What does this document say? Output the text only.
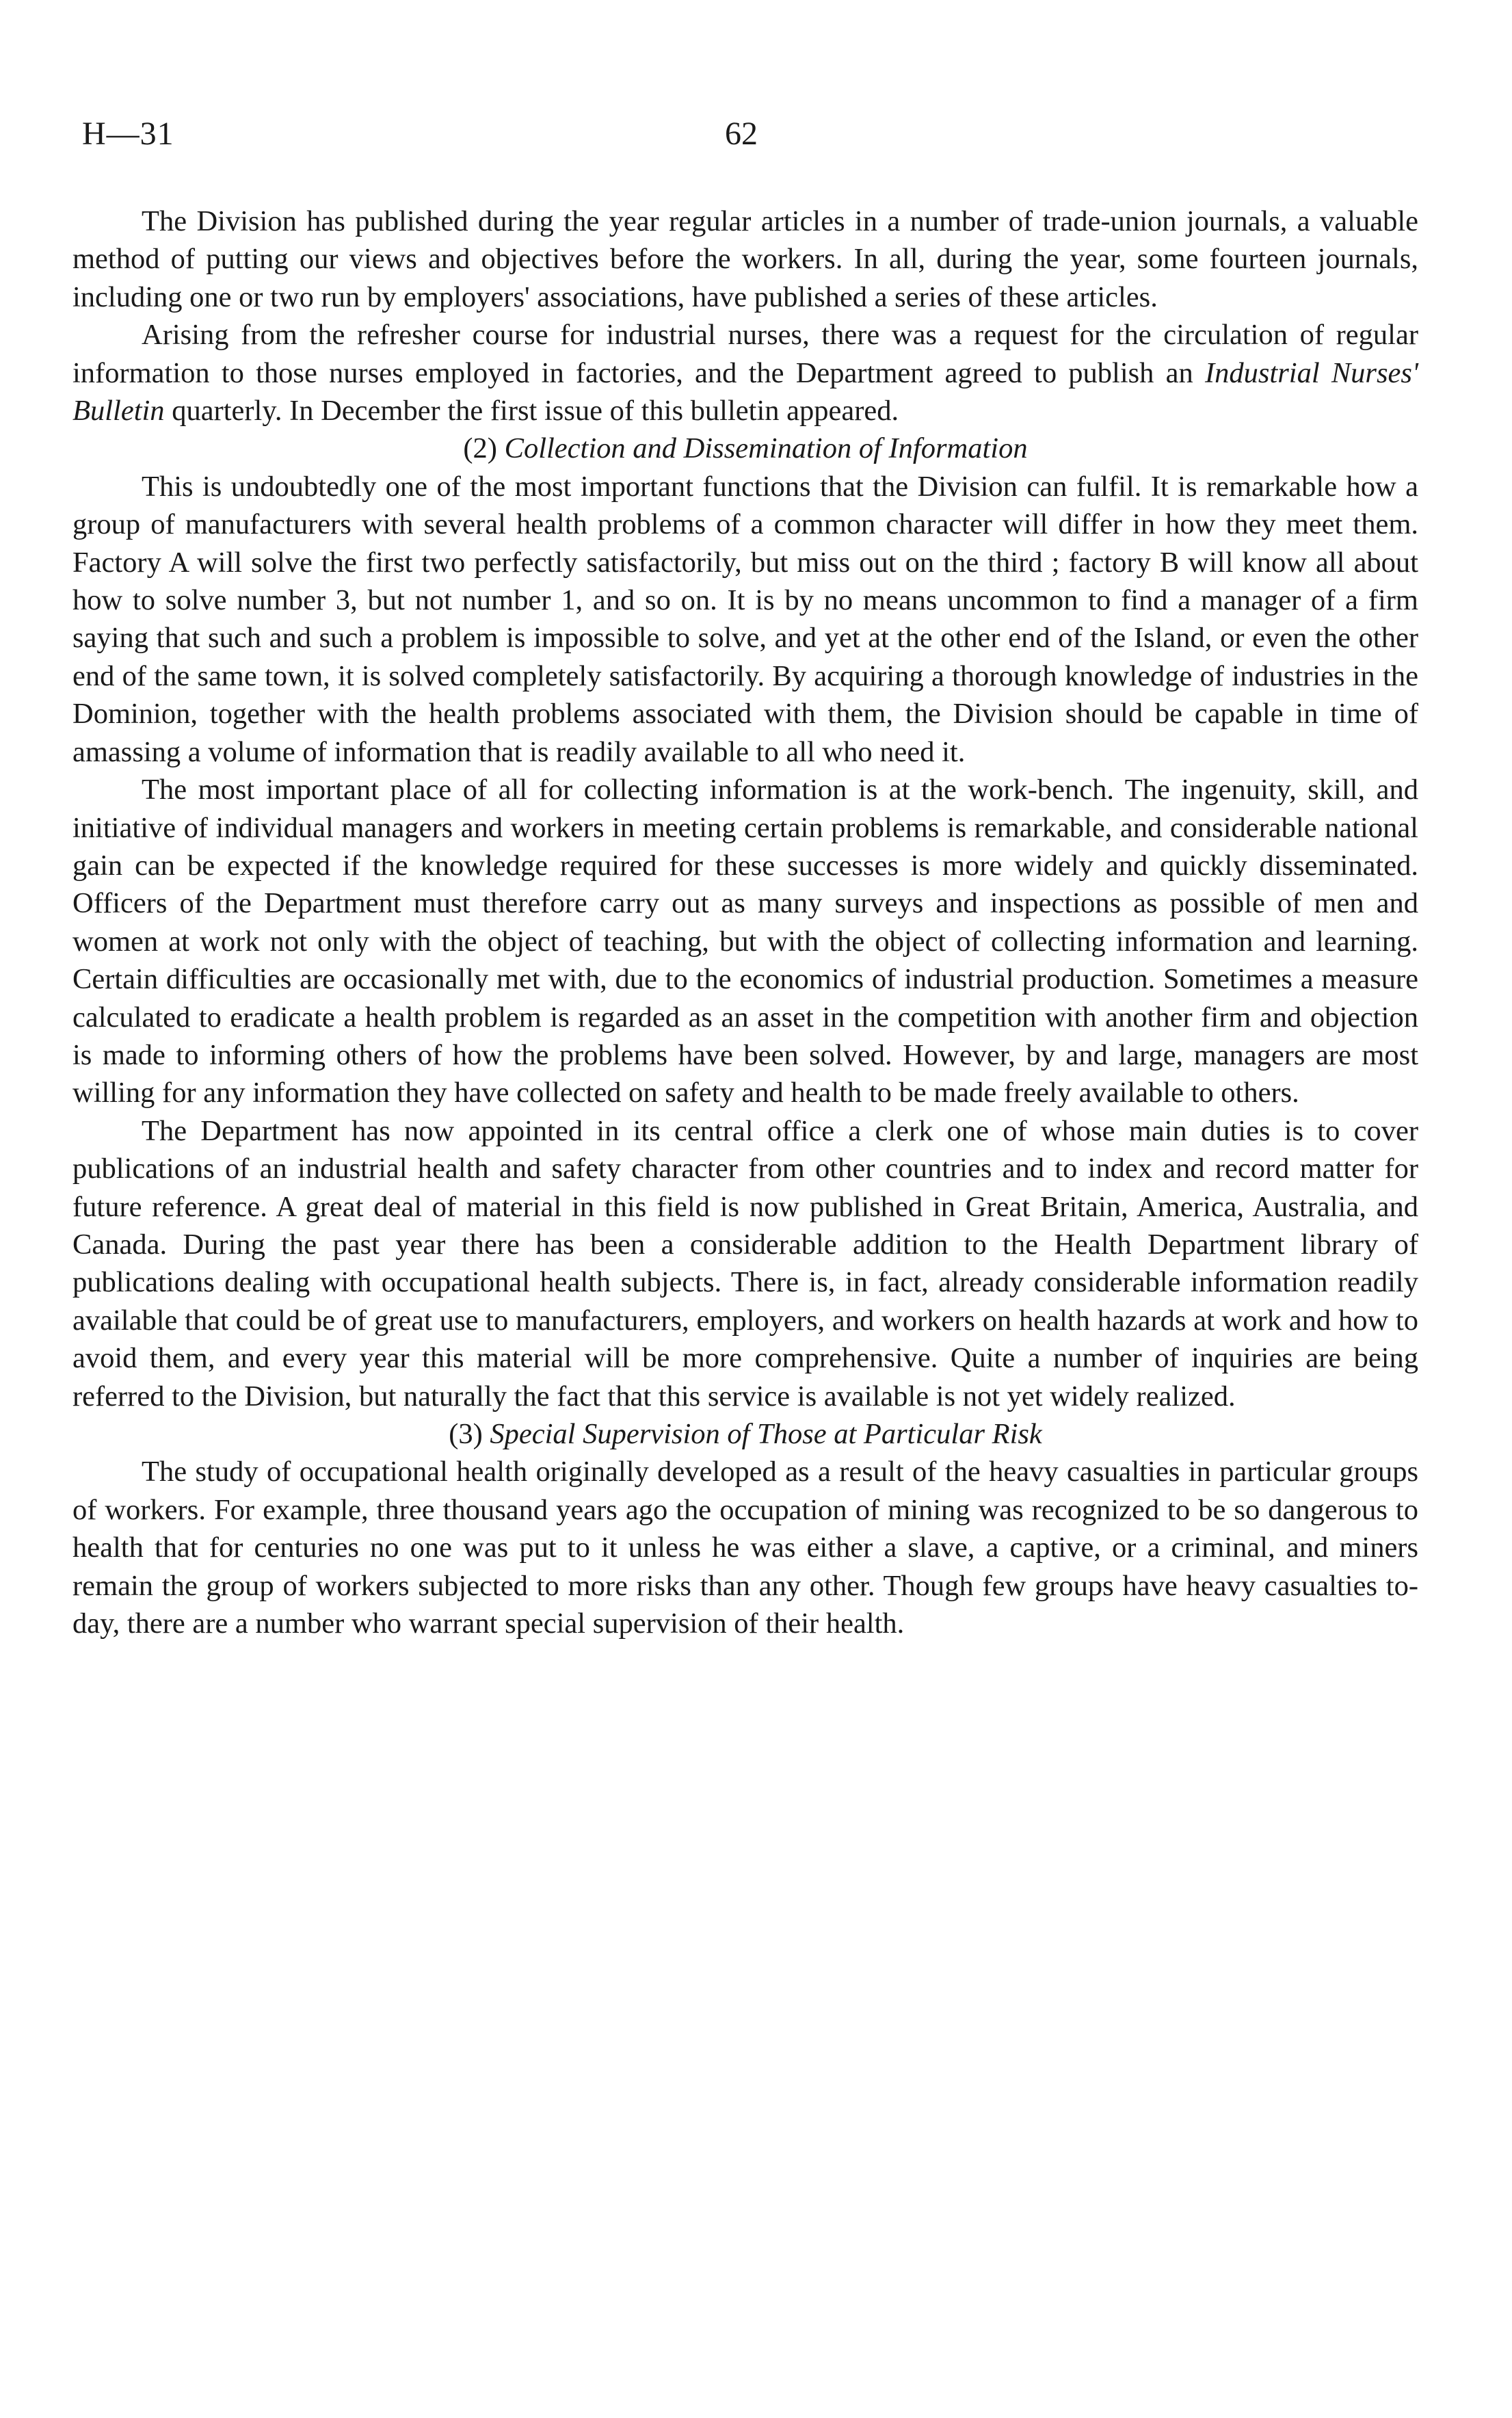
H—31	62

The Division has published during the year regular articles in a number of trade-union journals, a valuable method of putting our views and objectives before the workers. In all, during the year, some fourteen journals, including one or two run by employers' associations, have published a series of these articles.

Arising from the refresher course for industrial nurses, there was a request for the circulation of regular information to those nurses employed in factories, and the Department agreed to publish an Industrial Nurses' Bulletin quarterly. In December the first issue of this bulletin appeared.

(2) Collection and Dissemination of Information

This is undoubtedly one of the most important functions that the Division can fulfil. It is remarkable how a group of manufacturers with several health problems of a common character will differ in how they meet them. Factory A will solve the first two perfectly satisfactorily, but miss out on the third ; factory B will know all about how to solve number 3, but not number 1, and so on. It is by no means uncommon to find a manager of a firm saying that such and such a problem is impossible to solve, and yet at the other end of the Island, or even the other end of the same town, it is solved completely satisfactorily. By acquiring a thorough knowledge of industries in the Dominion, together with the health problems associated with them, the Division should be capable in time of amassing a volume of information that is readily available to all who need it.

The most important place of all for collecting information is at the work-bench. The ingenuity, skill, and initiative of individual managers and workers in meeting certain problems is remarkable, and considerable national gain can be expected if the knowledge required for these successes is more widely and quickly disseminated. Officers of the Department must therefore carry out as many surveys and inspections as possible of men and women at work not only with the object of teaching, but with the object of collecting information and learning. Certain difficulties are occasionally met with, due to the economics of industrial production. Sometimes a measure calculated to eradicate a health problem is regarded as an asset in the competition with another firm and objection is made to informing others of how the problems have been solved. However, by and large, managers are most willing for any information they have collected on safety and health to be made freely available to others.

The Department has now appointed in its central office a clerk one of whose main duties is to cover publications of an industrial health and safety character from other countries and to index and record matter for future reference. A great deal of material in this field is now published in Great Britain, America, Australia, and Canada. During the past year there has been a considerable addition to the Health Department library of publications dealing with occupational health subjects. There is, in fact, already considerable information readily available that could be of great use to manufacturers, employers, and workers on health hazards at work and how to avoid them, and every year this material will be more comprehensive. Quite a number of inquiries are being referred to the Division, but naturally the fact that this service is available is not yet widely realized.

(3) Special Supervision of Those at Particular Risk

The study of occupational health originally developed as a result of the heavy casualties in particular groups of workers. For example, three thousand years ago the occupation of mining was recognized to be so dangerous to health that for centuries no one was put to it unless he was either a slave, a captive, or a criminal, and miners remain the group of workers subjected to more risks than any other. Though few groups have heavy casualties to-day, there are a number who warrant special supervision of their health.
